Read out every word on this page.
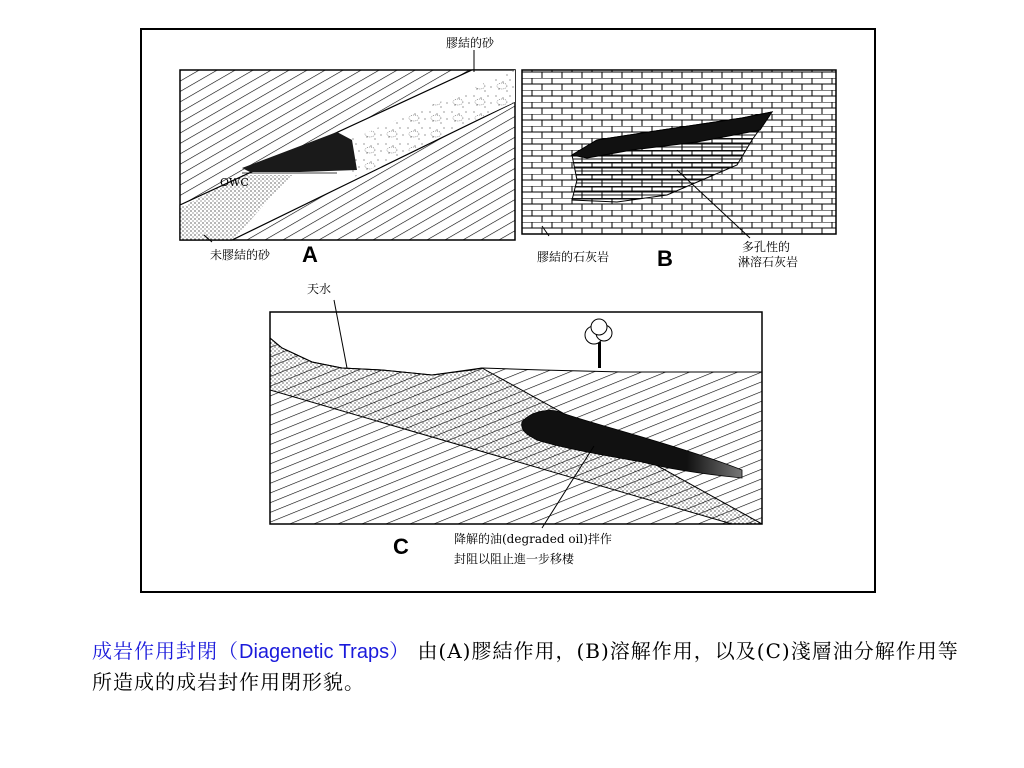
膠結的砂
OWC
未膠結的砂 A	膠結的石灰岩 B	多孔性的
淋溶石灰岩
天水
C	降解的油(degraded oil)拌作
封阻以阻止進一步移棲
成岩作用封閉（Diagenetic Traps） 由(A)膠結作用，(B)溶解作用，以及(C)淺層油分解作用等所造成的成岩封作用閉形貌。
